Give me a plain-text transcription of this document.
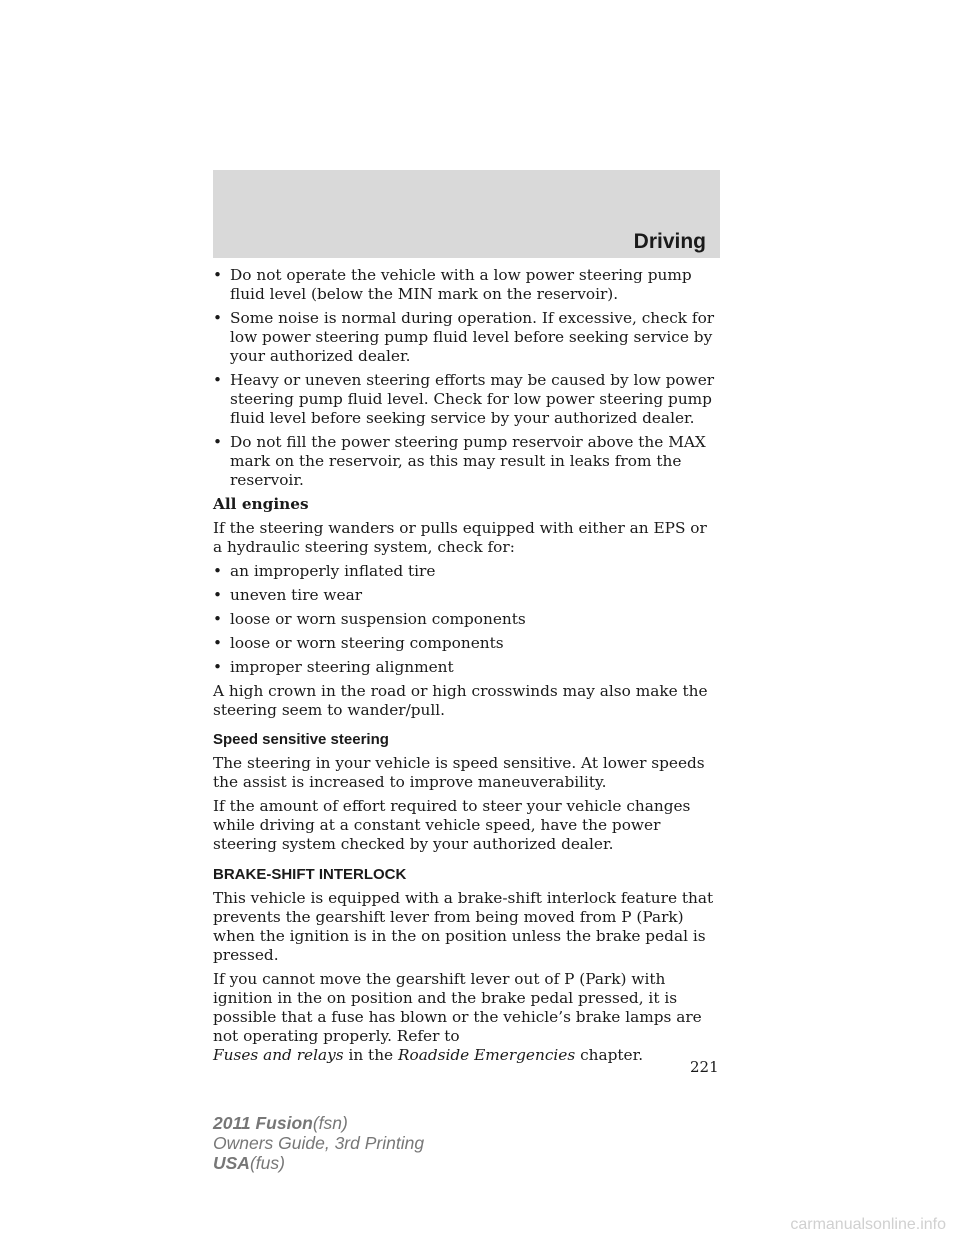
Driving
• Do not operate the vehicle with a low power steering pump fluid level (below the MIN mark on the reservoir).
• Some noise is normal during operation. If excessive, check for low power steering pump fluid level before seeking service by your authorized dealer.
• Heavy or uneven steering efforts may be caused by low power steering pump fluid level. Check for low power steering pump fluid level before seeking service by your authorized dealer.
• Do not fill the power steering pump reservoir above the MAX mark on the reservoir, as this may result in leaks from the reservoir.
All engines

If the steering wanders or pulls equipped with either an EPS or a hydraulic steering system, check for:

• an improperly inflated tire
• uneven tire wear
• loose or worn suspension components
• loose or worn steering components
• improper steering alignment

A high crown in the road or high crosswinds may also make the steering seem to wander/pull.

Speed sensitive steering

The steering in your vehicle is speed sensitive. At lower speeds the assist is increased to improve maneuverability.

If the amount of effort required to steer your vehicle changes while driving at a constant vehicle speed, have the power steering system checked by your authorized dealer.

BRAKE-SHIFT INTERLOCK

This vehicle is equipped with a brake-shift interlock feature that prevents the gearshift lever from being moved from P (Park) when the ignition is in the on position unless the brake pedal is pressed.

If you cannot move the gearshift lever out of P (Park) with ignition in the on position and the brake pedal pressed, it is possible that a fuse has blown or the vehicle’s brake lamps are not operating properly. Refer to
Fuses and relays in the Roadside Emergencies chapter.

221
2011 Fusion(fsn)
Owners Guide, 3rd Printing
USA(fus)
carmanualsonline.info
